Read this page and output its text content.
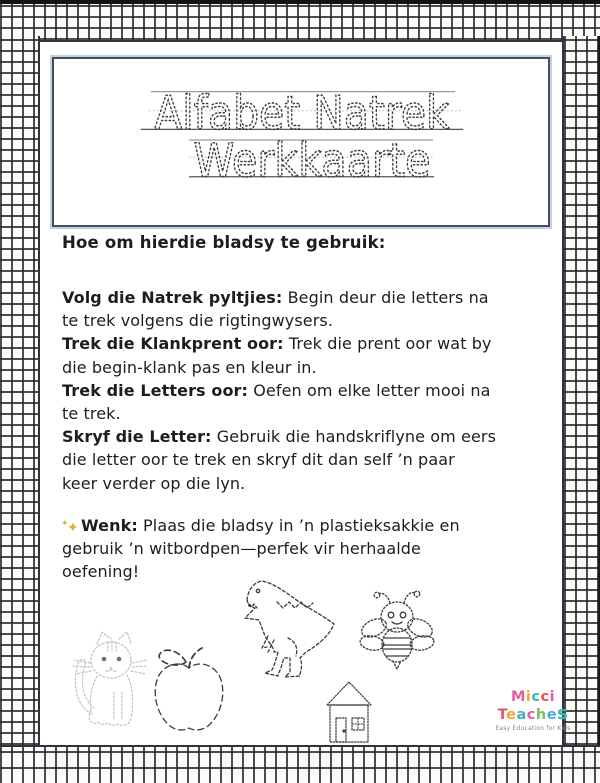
Alfabet Natrek
Werkkaarte
Hoe om hierdie bladsy te gebruik:
Volg die Natrek pyltjies: Begin deur die letters na
te trek volgens die rigtingwysers.
Trek die Klankprent oor: Trek die prent oor wat by
die begin-klank pas en kleur in.
Trek die Letters oor: Oefen om elke letter mooi na
te trek.
Skryf die Letter: Gebruik die handskriflyne om eers
die letter oor te trek en skryf dit dan self ’n paar
keer verder op die lyn.
✦
✦ Wenk: Plaas die bladsy in ’n plastieksakkie en
gebruik ’n witbordpen—perfek vir herhaalde
oefening!
Micci
Teaches
Easy Education for Kids
